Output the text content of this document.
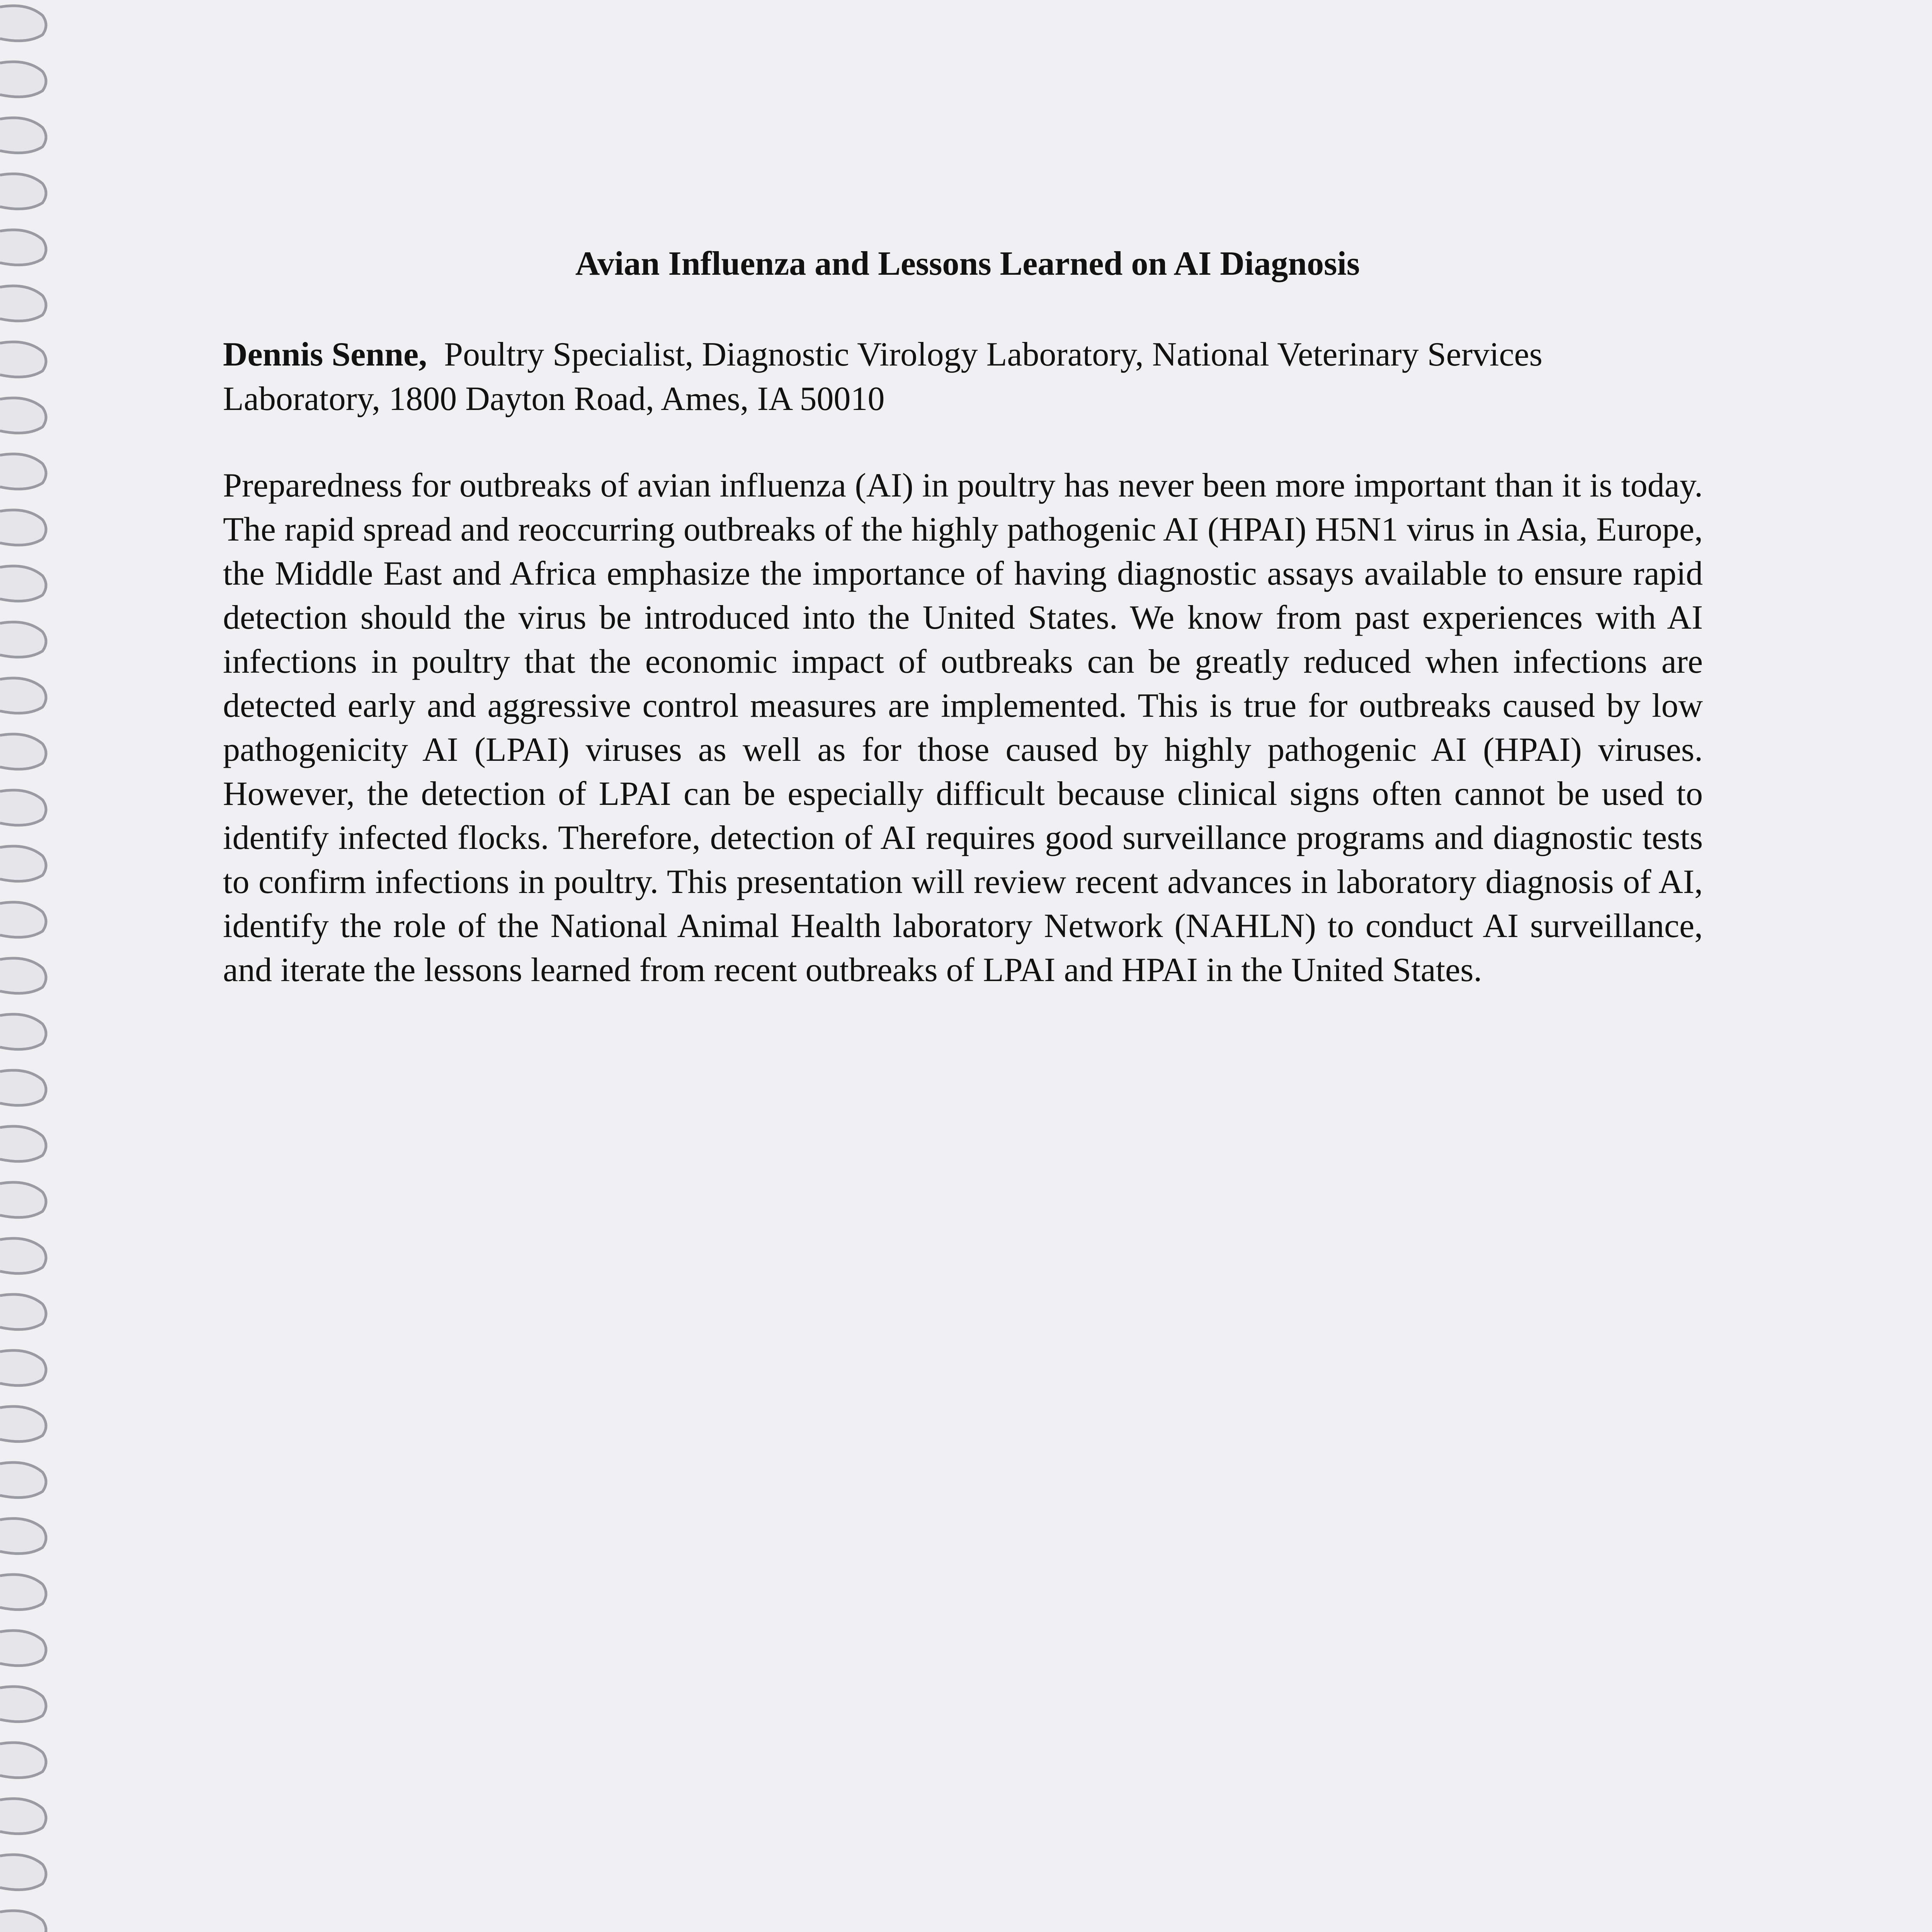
Avian Influenza and Lessons Learned on AI Diagnosis

Dennis Senne, Poultry Specialist, Diagnostic Virology Laboratory, National Veterinary Services Laboratory, 1800 Dayton Road, Ames, IA 50010

Preparedness for outbreaks of avian influenza (AI) in poultry has never been more important than it is today. The rapid spread and reoccurring outbreaks of the highly pathogenic AI (HPAI) H5N1 virus in Asia, Europe, the Middle East and Africa emphasize the importance of having diagnostic assays available to ensure rapid detection should the virus be introduced into the United States. We know from past experiences with AI infections in poultry that the economic impact of outbreaks can be greatly reduced when infections are detected early and aggressive control measures are implemented. This is true for outbreaks caused by low pathogenicity AI (LPAI) viruses as well as for those caused by highly pathogenic AI (HPAI) viruses. However, the detection of LPAI can be especially difficult because clinical signs often cannot be used to identify infected flocks. Therefore, detection of AI requires good surveillance programs and diagnostic tests to confirm infections in poultry. This presentation will review recent advances in laboratory diagnosis of AI, identify the role of the National Animal Health laboratory Network (NAHLN) to conduct AI surveillance, and iterate the lessons learned from recent outbreaks of LPAI and HPAI in the United States.
